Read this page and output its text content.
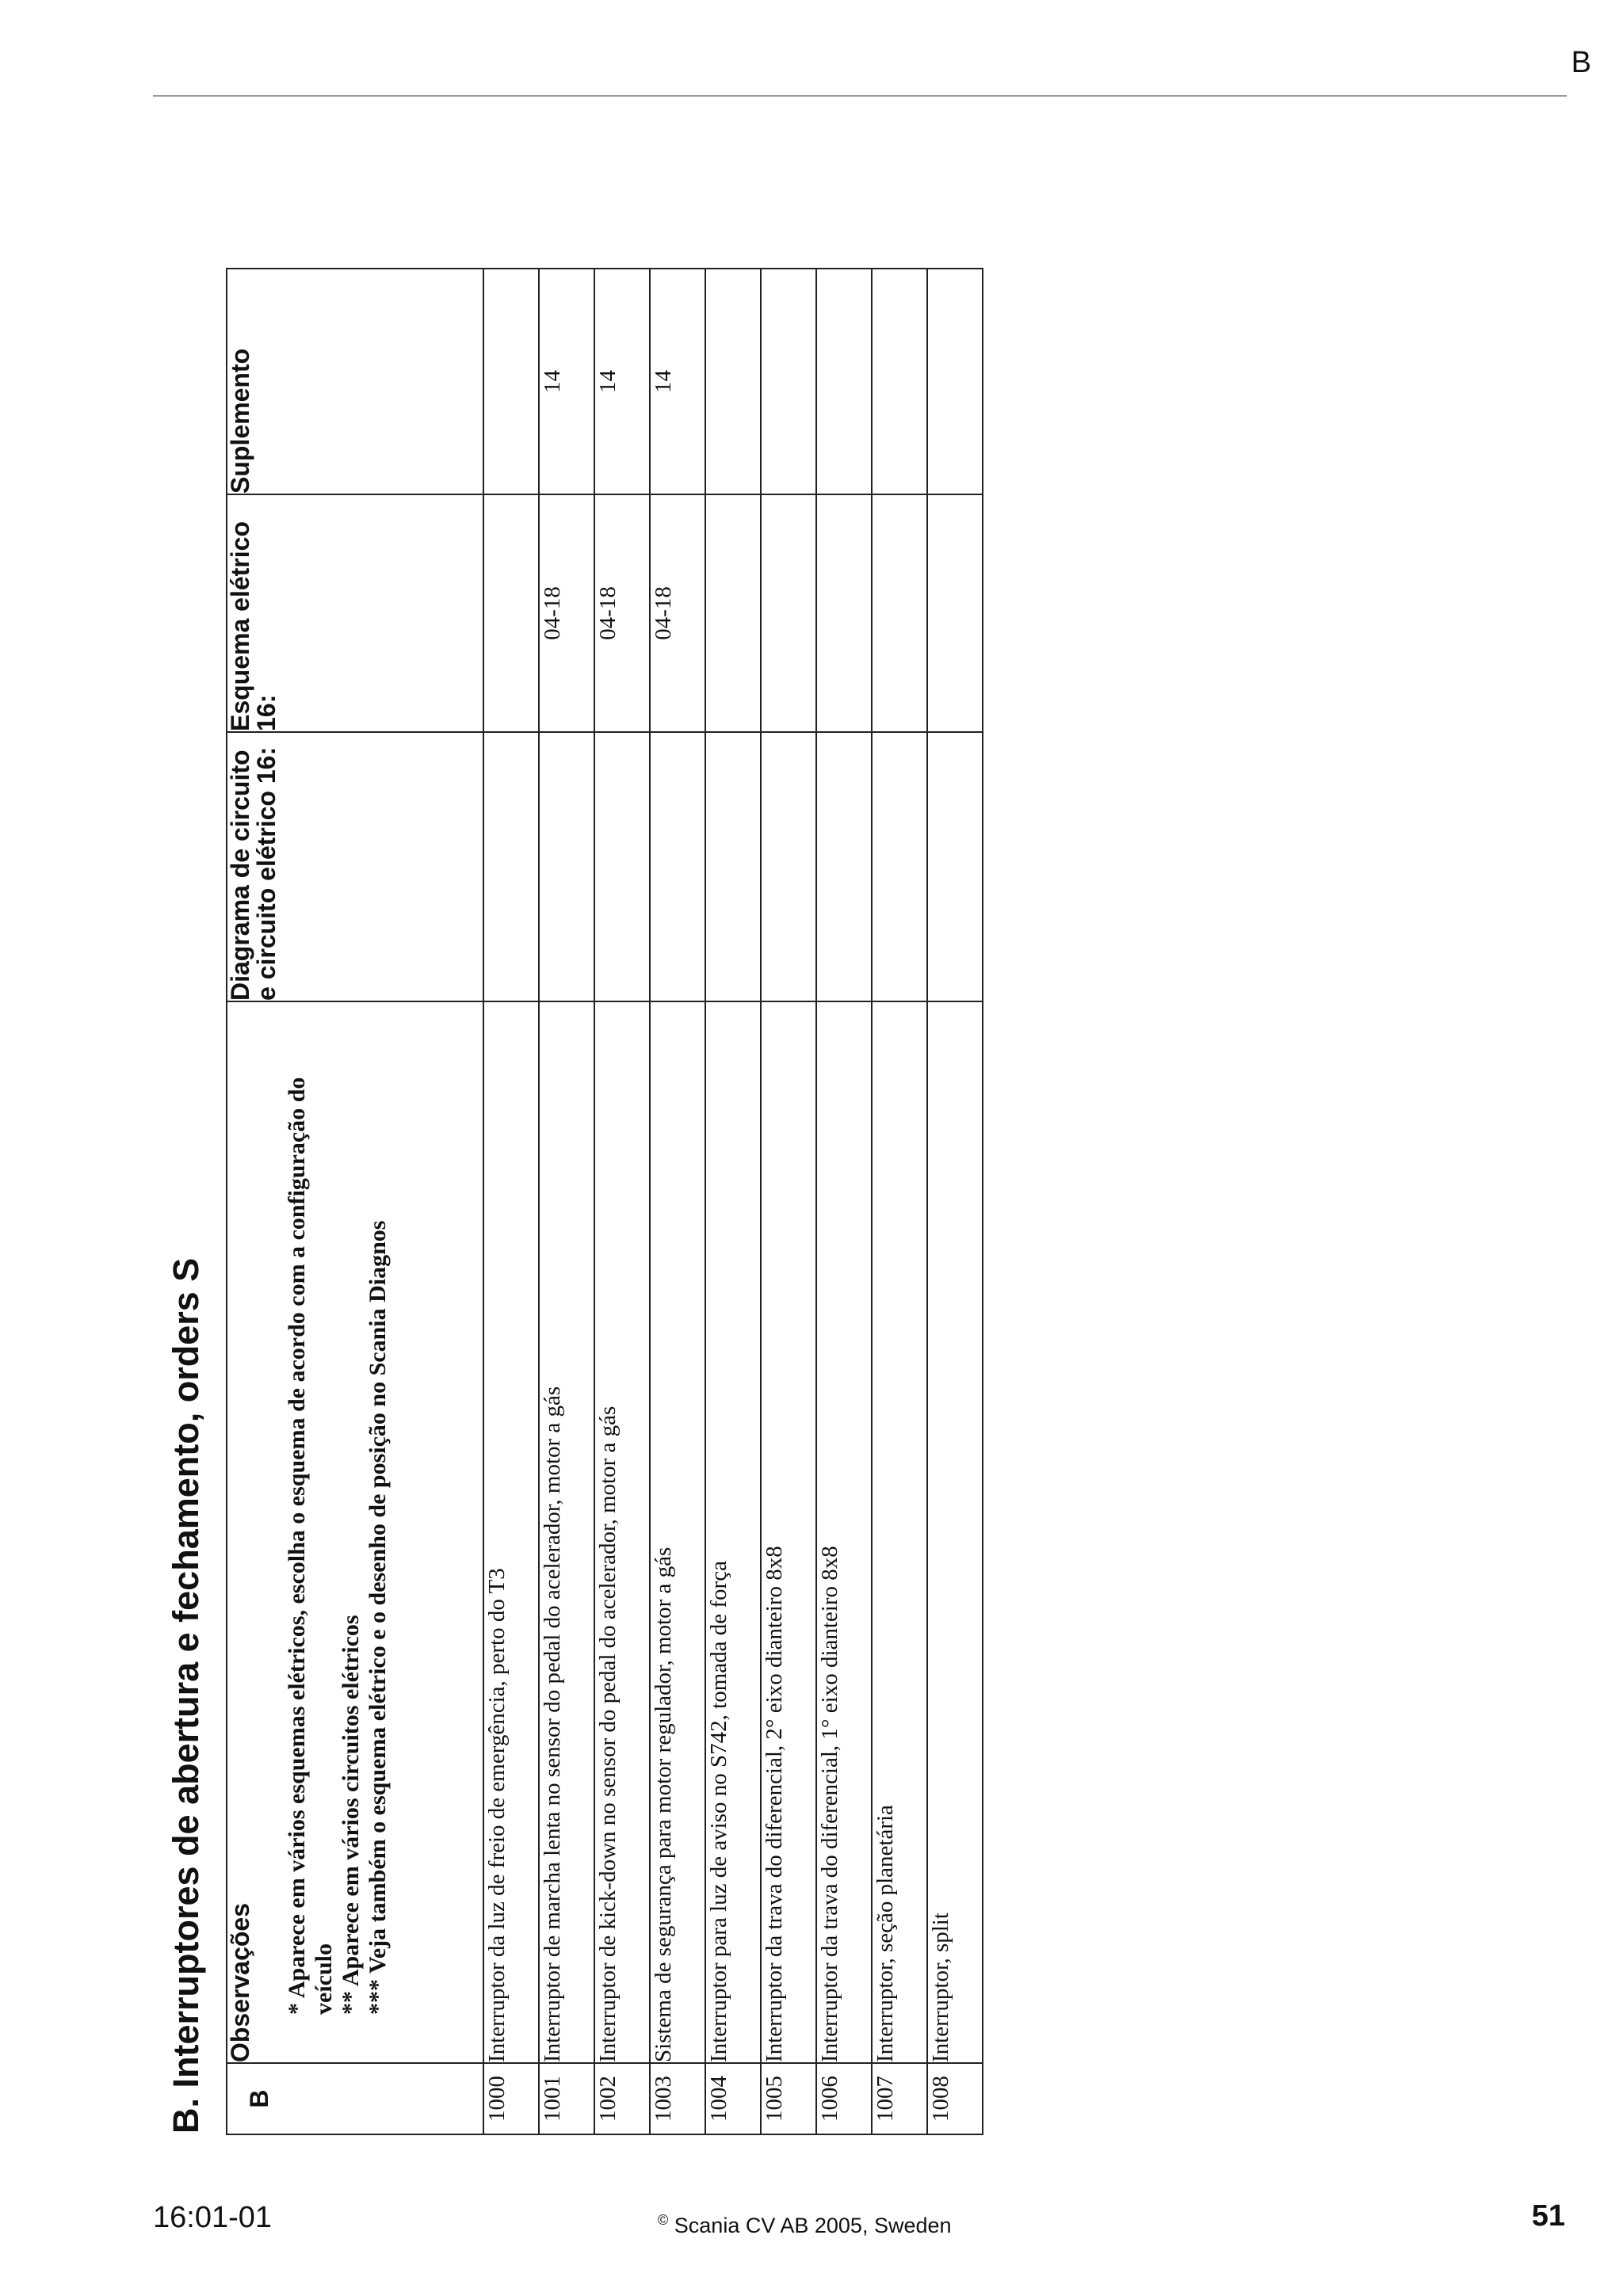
B
B. Interruptores de abertura e fechamento, orders S	B	Observações * Aparece em vários esquemas elétricos, escolha o esquema de acordo com a configuração do veículo ** Aparece em vários circuitos elétricos *** Veja também o esquema elétrico e o desenho de posição no Scania Diagnos	Diagrama de circuito e circuito elétrico 16:	Esquema elétrico 16:	Suplemento
1000	Interruptor da luz de freio de emergência, perto do T3			
1001	Interruptor de marcha lenta no sensor do pedal do acelerador, motor a gás		04-18	14
1002	Interruptor de kick-down no sensor do pedal do acelerador, motor a gás		04-18	14
1003	Sistema de segurança para motor regulador, motor a gás		04-18	14
1004	Interruptor para luz de aviso no S742, tomada de força			
1005	Interruptor da trava do diferencial, 2° eixo dianteiro 8x8			
1006	Interruptor da trava do diferencial, 1° eixo dianteiro 8x8			
1007	Interruptor, seção planetária			
1008	Interruptor, split			
16:01-01	© Scania CV AB 2005, Sweden	51
